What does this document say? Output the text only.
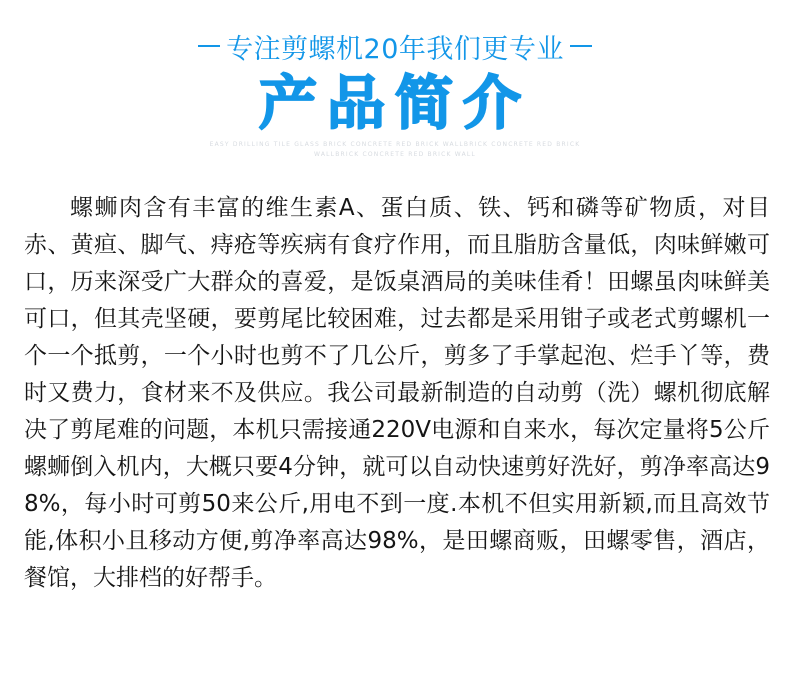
专注剪螺机20年我们更专业
产品简介
EASY DRILLING TILE GLASS BRICK CONCRETE RED BRICK WALLBRICK CONCRETE RED BRICK
WALLBRICK CONCRETE RED BRICK WALL

螺蛳肉含有丰富的维生素A、蛋白质、铁、钙和磷等矿物质，对目赤、黄疸、脚气、痔疮等疾病有食疗作用，而且脂肪含量低，肉味鲜嫩可口，历来深受广大群众的喜爱，是饭桌酒局的美味佳肴！田螺虽肉味鲜美可口，但其壳坚硬，要剪尾比较困难，过去都是采用钳子或老式剪螺机一个一个抵剪，一个小时也剪不了几公斤，剪多了手掌起泡、烂手丫等，费时又费力，食材来不及供应。我公司最新制造的自动剪（洗）螺机彻底解决了剪尾难的问题，本机只需接通220V电源和自来水，每次定量将5公斤螺蛳倒入机内，大概只要4分钟，就可以自动快速剪好洗好，剪净率高达98%，每小时可剪50来公斤,用电不到一度.本机不但实用新颖,而且高效节能,体积小且移动方便,剪净率高达98%，是田螺商贩，田螺零售，酒店，餐馆，大排档的好帮手。
